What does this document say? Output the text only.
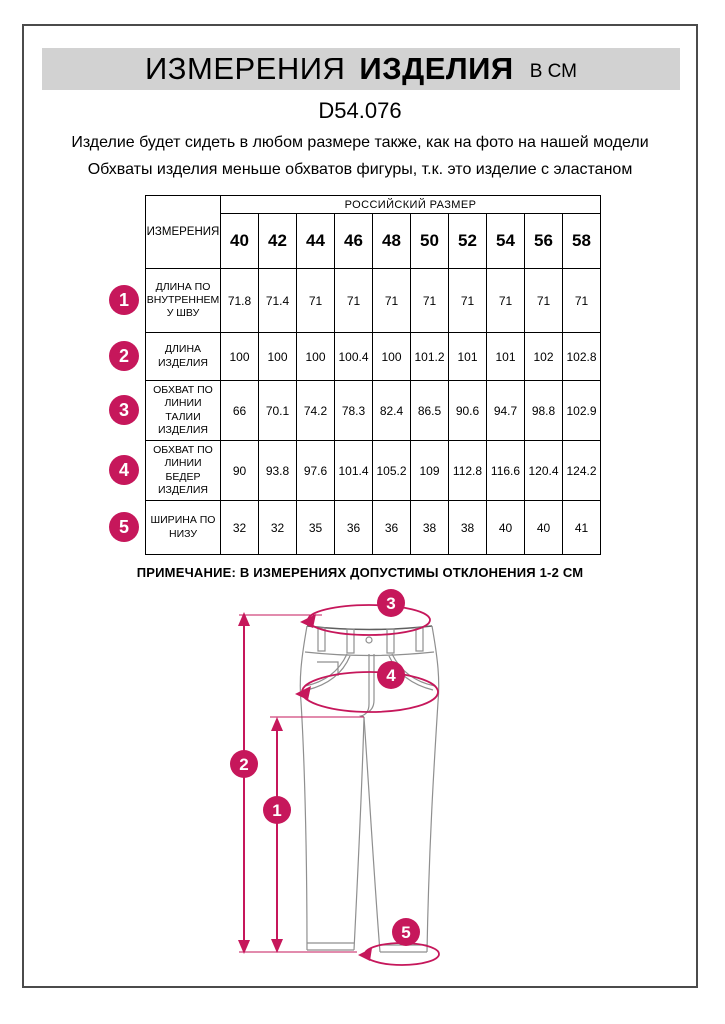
ИЗМЕРЕНИЯ ИЗДЕЛИЯ В СМ
D54.076
Изделие будет сидеть в любом размере также, как на фото на нашей модели
Обхваты изделия меньше обхватов фигуры, т.к. это изделие с эластаном
ИЗМЕРЕНИЯ	РОССИЙСКИЙ РАЗМЕР									
	40	42	44	46	48	50	52	54	56	58
ДЛИНА ПО ВНУТРЕННЕМУ ШВУ	71.8	71.4	71	71	71	71	71	71	71	71
ДЛИНА ИЗДЕЛИЯ	100	100	100	100.4	100	101.2	101	101	102	102.8
ОБХВАТ ПО ЛИНИИ ТАЛИИ ИЗДЕЛИЯ	66	70.1	74.2	78.3	82.4	86.5	90.6	94.7	98.8	102.9
ОБХВАТ ПО ЛИНИИ БЕДЕР ИЗДЕЛИЯ	90	93.8	97.6	101.4	105.2	109	112.8	116.6	120.4	124.2
ШИРИНА ПО НИЗУ	32	32	35	36	36	38	38	40	40	41
1
2
3
4
5
ПРИМЕЧАНИЕ: В ИЗМЕРЕНИЯХ ДОПУСТИМЫ ОТКЛОНЕНИЯ 1-2 СМ
3
4
2
1
5
